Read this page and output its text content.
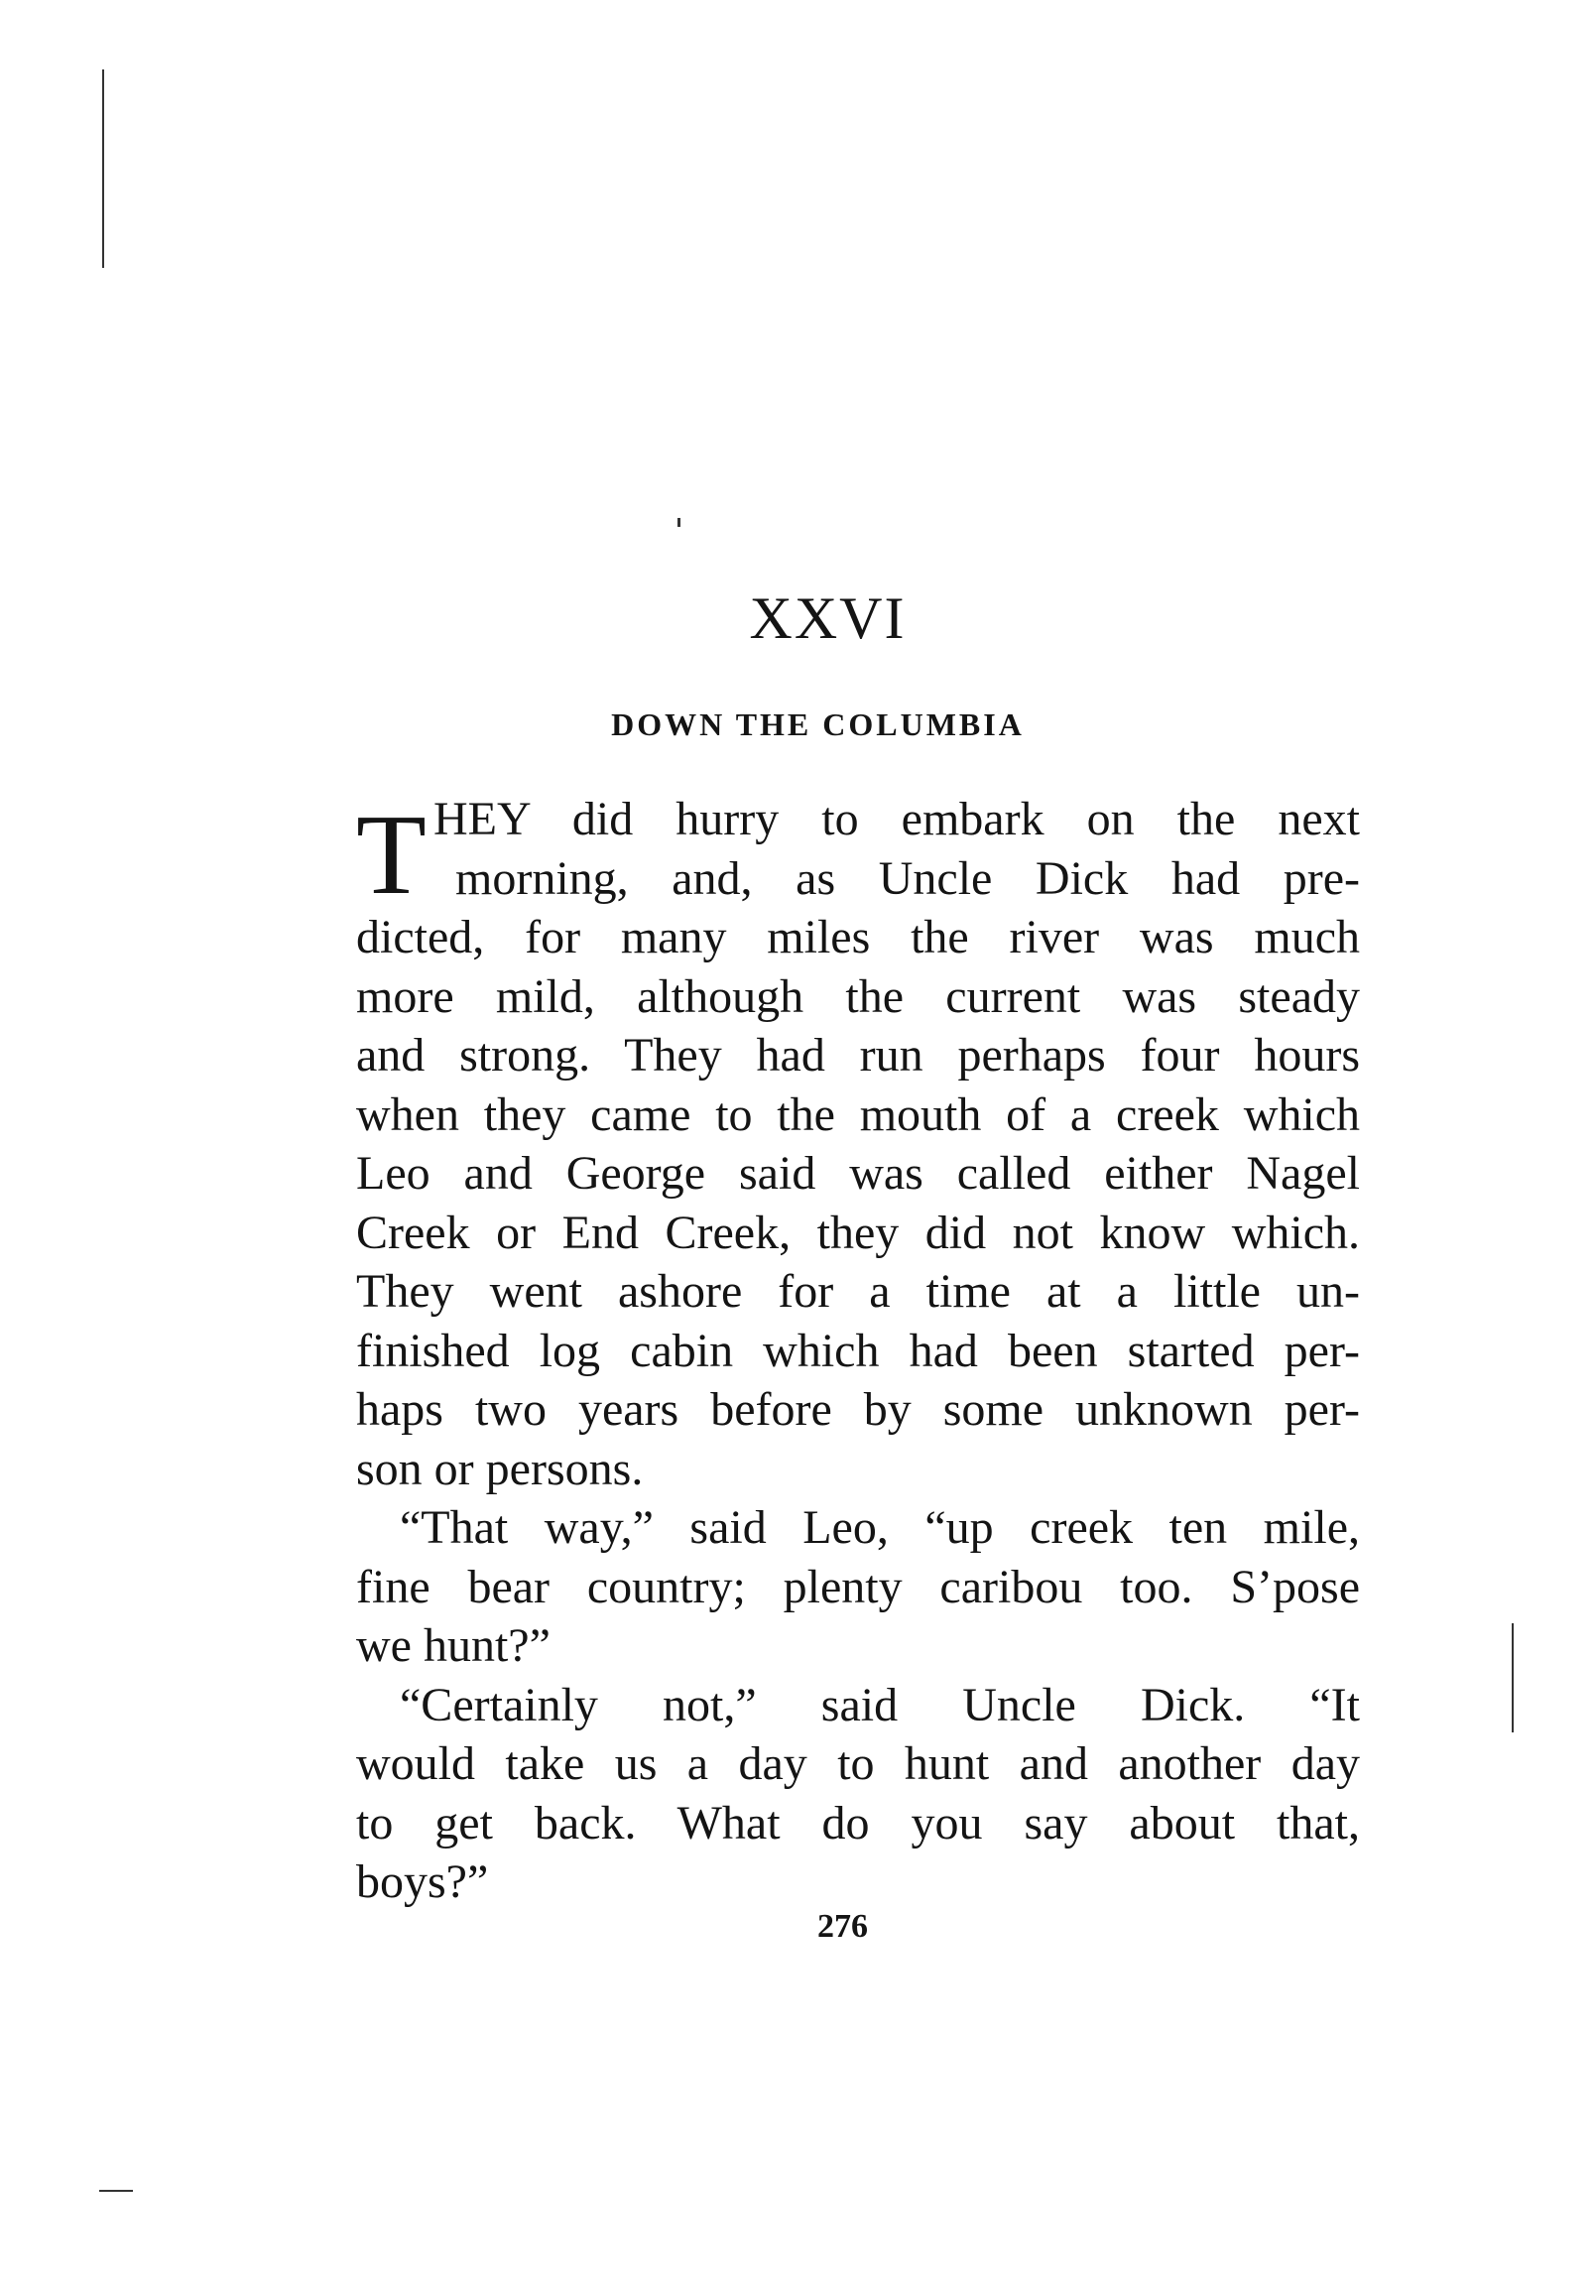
XXVI
DOWN THE COLUMBIA
T HEY did hurry to embark on the next
morning, and, as Uncle Dick had pre-
dicted, for many miles the river was much
more mild, although the current was steady
and strong. They had run perhaps four hours
when they came to the mouth of a creek which
Leo and George said was called either Nagel
Creek or End Creek, they did not know which.
They went ashore for a time at a little un-
finished log cabin which had been started per-
haps two years before by some unknown per-
son or persons.
“That way,” said Leo, “up creek ten mile,
fine bear country; plenty caribou too. S’pose
we hunt?”
“Certainly not,” said Uncle Dick. “It
would take us a day to hunt and another day
to get back. What do you say about that,
boys?”
276
